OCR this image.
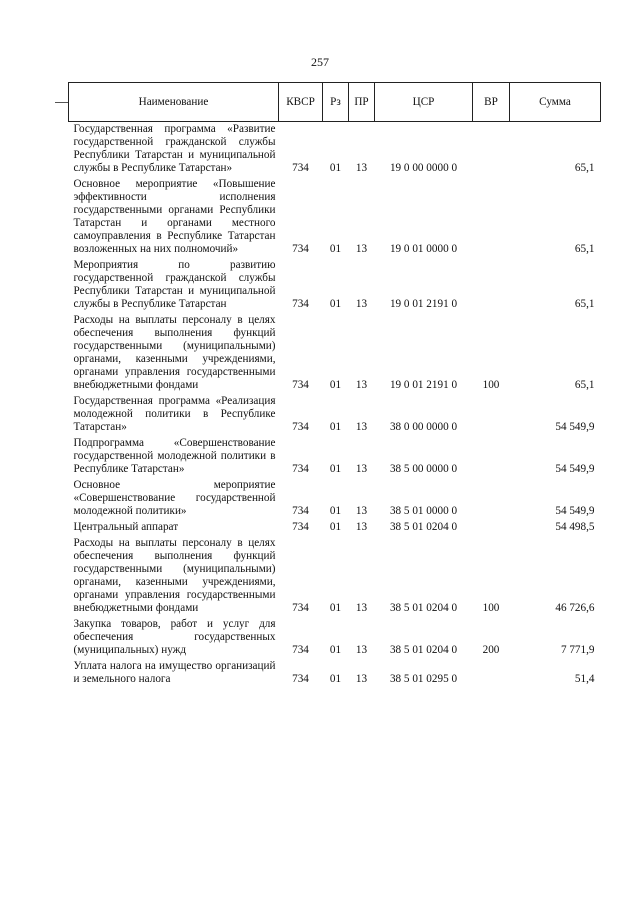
257
Наименование	КВСР	Рз	ПР	ЦСР	ВР	Сумма
Государственная программа «Развитие государственной гражданской службы Республики Татарстан и муниципальной службы в Республике Татарстан»	734	01	13	19 0 00 0000 0		65,1
Основное мероприятие «Повышение эффективности исполнения государственными органами Республики Татарстан и органами местного самоуправления в Республике Татарстан возложенных на них полномочий»	734	01	13	19 0 01 0000 0		65,1
Мероприятия по развитию государственной гражданской службы Республики Татарстан и муниципальной службы в Республике Татарстан	734	01	13	19 0 01 2191 0		65,1
Расходы на выплаты персоналу в целях обеспечения выполнения функций государственными (муниципальными) органами, казенными учреждениями, органами управления государственными внебюджетными фондами	734	01	13	19 0 01 2191 0	100	65,1
Государственная программа «Реализация молодежной политики в Республике Татарстан»	734	01	13	38 0 00 0000 0		54 549,9
Подпрограмма «Совершенствование государственной молодежной политики в Республике Татарстан»	734	01	13	38 5 00 0000 0		54 549,9
Основное мероприятие «Совершенствование государственной молодежной политики»	734	01	13	38 5 01 0000 0		54 549,9
Центральный аппарат	734	01	13	38 5 01 0204 0		54 498,5
Расходы на выплаты персоналу в целях обеспечения выполнения функций государственными (муниципальными) органами, казенными учреждениями, органами управления государственными внебюджетными фондами	734	01	13	38 5 01 0204 0	100	46 726,6
Закупка товаров, работ и услуг для обеспечения государственных (муниципальных) нужд	734	01	13	38 5 01 0204 0	200	7 771,9
Уплата налога на имущество организаций и земельного налога	734	01	13	38 5 01 0295 0		51,4
